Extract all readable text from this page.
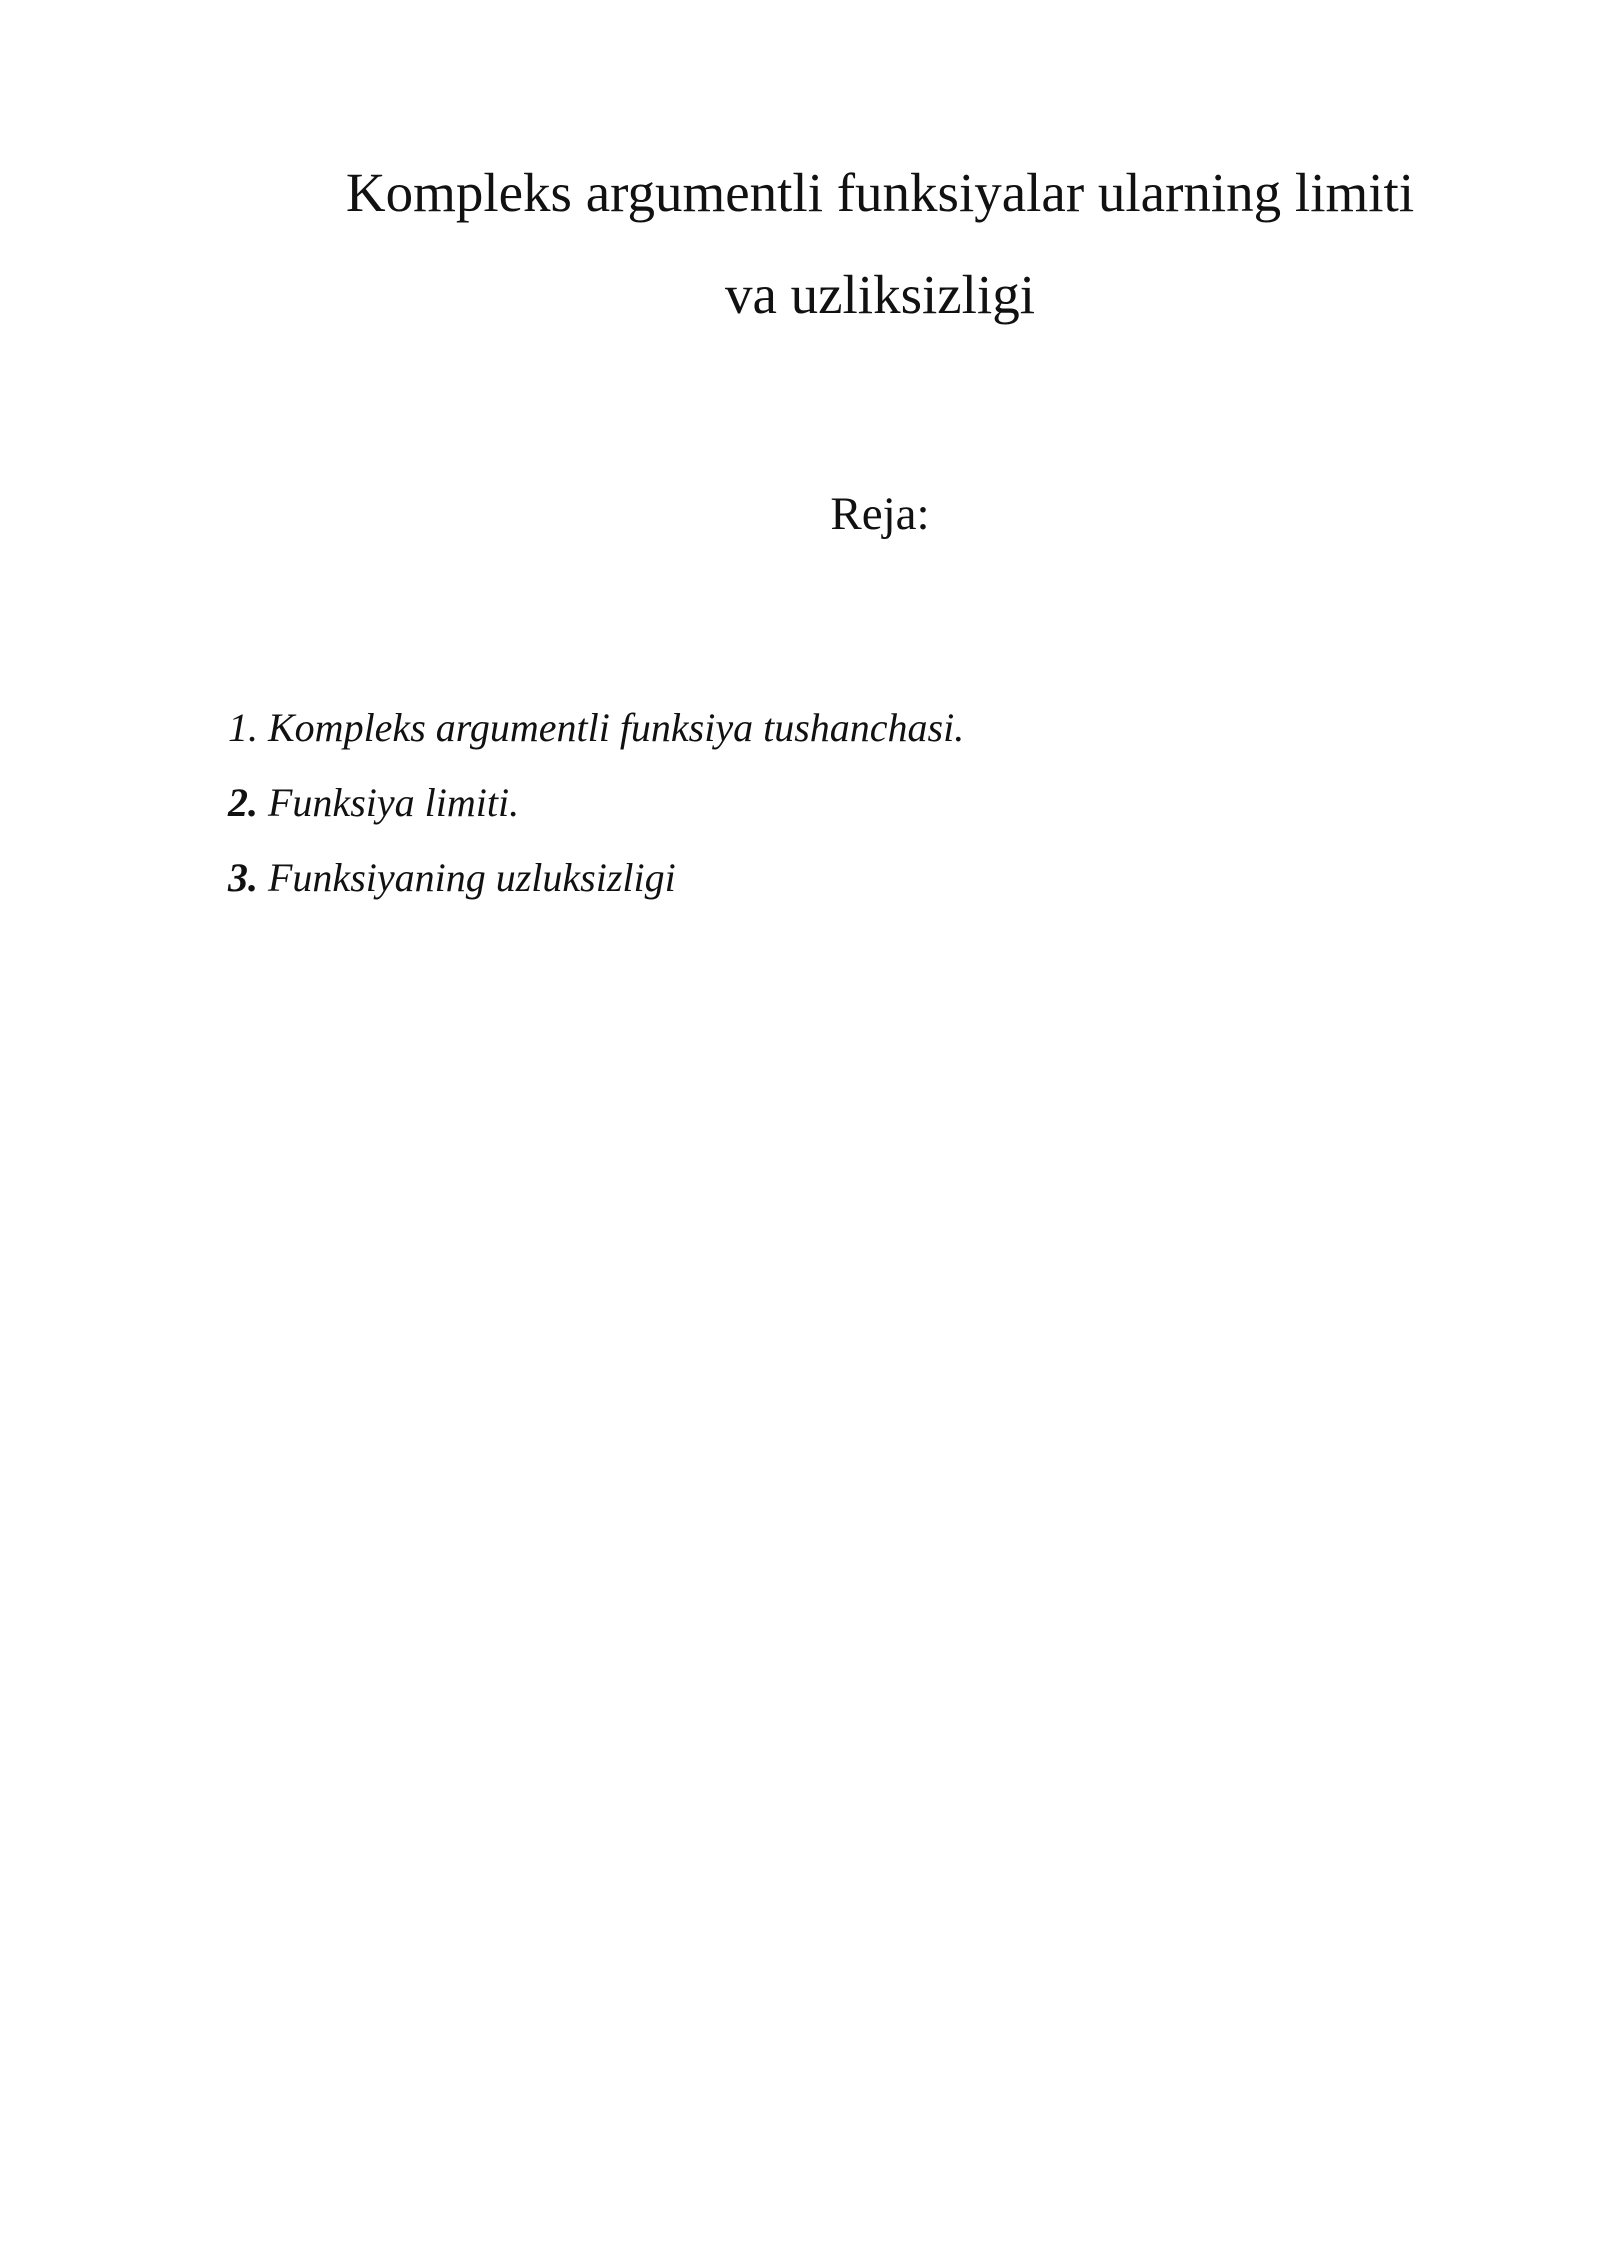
Kompleks argumentli funksiyalar ularning limiti
va uzliksizligi
Reja:
1. Kompleks argumentli funksiya tushanchasi.
2. Funksiya limiti.
3. Funksiyaning uzluksizligi
